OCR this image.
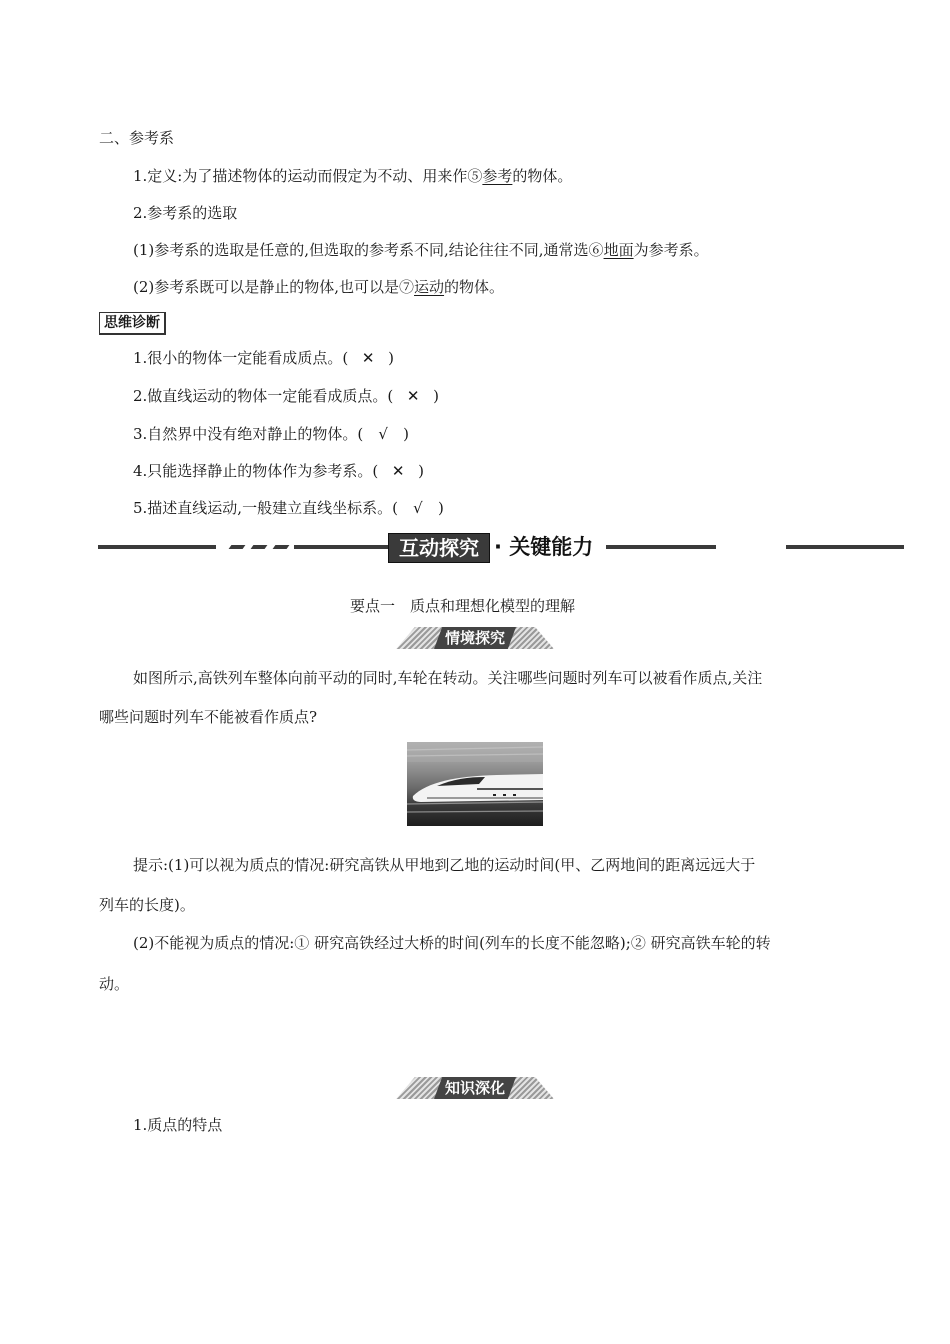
二、参考系
1.定义:为了描述物体的运动而假定为不动、用来作⑤参考的物体。
2.参考系的选取
(1)参考系的选取是任意的,但选取的参考系不同,结论往往不同,通常选⑥地面为参考系。
(2)参考系既可以是静止的物体,也可以是⑦运动的物体。
思维诊断
1.很小的物体一定能看成质点。( ✕ )
2.做直线运动的物体一定能看成质点。( ✕ )
3.自然界中没有绝对静止的物体。( √ )
4.只能选择静止的物体作为参考系。( ✕ )
5.描述直线运动,一般建立直线坐标系。( √ )
互动探究 · 关键能力
要点一　质点和理想化模型的理解
情境探究
如图所示,高铁列车整体向前平动的同时,车轮在转动。关注哪些问题时列车可以被看作质点,关注
哪些问题时列车不能被看作质点?
提示:(1)可以视为质点的情况:研究高铁从甲地到乙地的运动时间(甲、乙两地间的距离远远大于
列车的长度)。
(2)不能视为质点的情况:① 研究高铁经过大桥的时间(列车的长度不能忽略);② 研究高铁车轮的转
动。
知识深化
1.质点的特点
